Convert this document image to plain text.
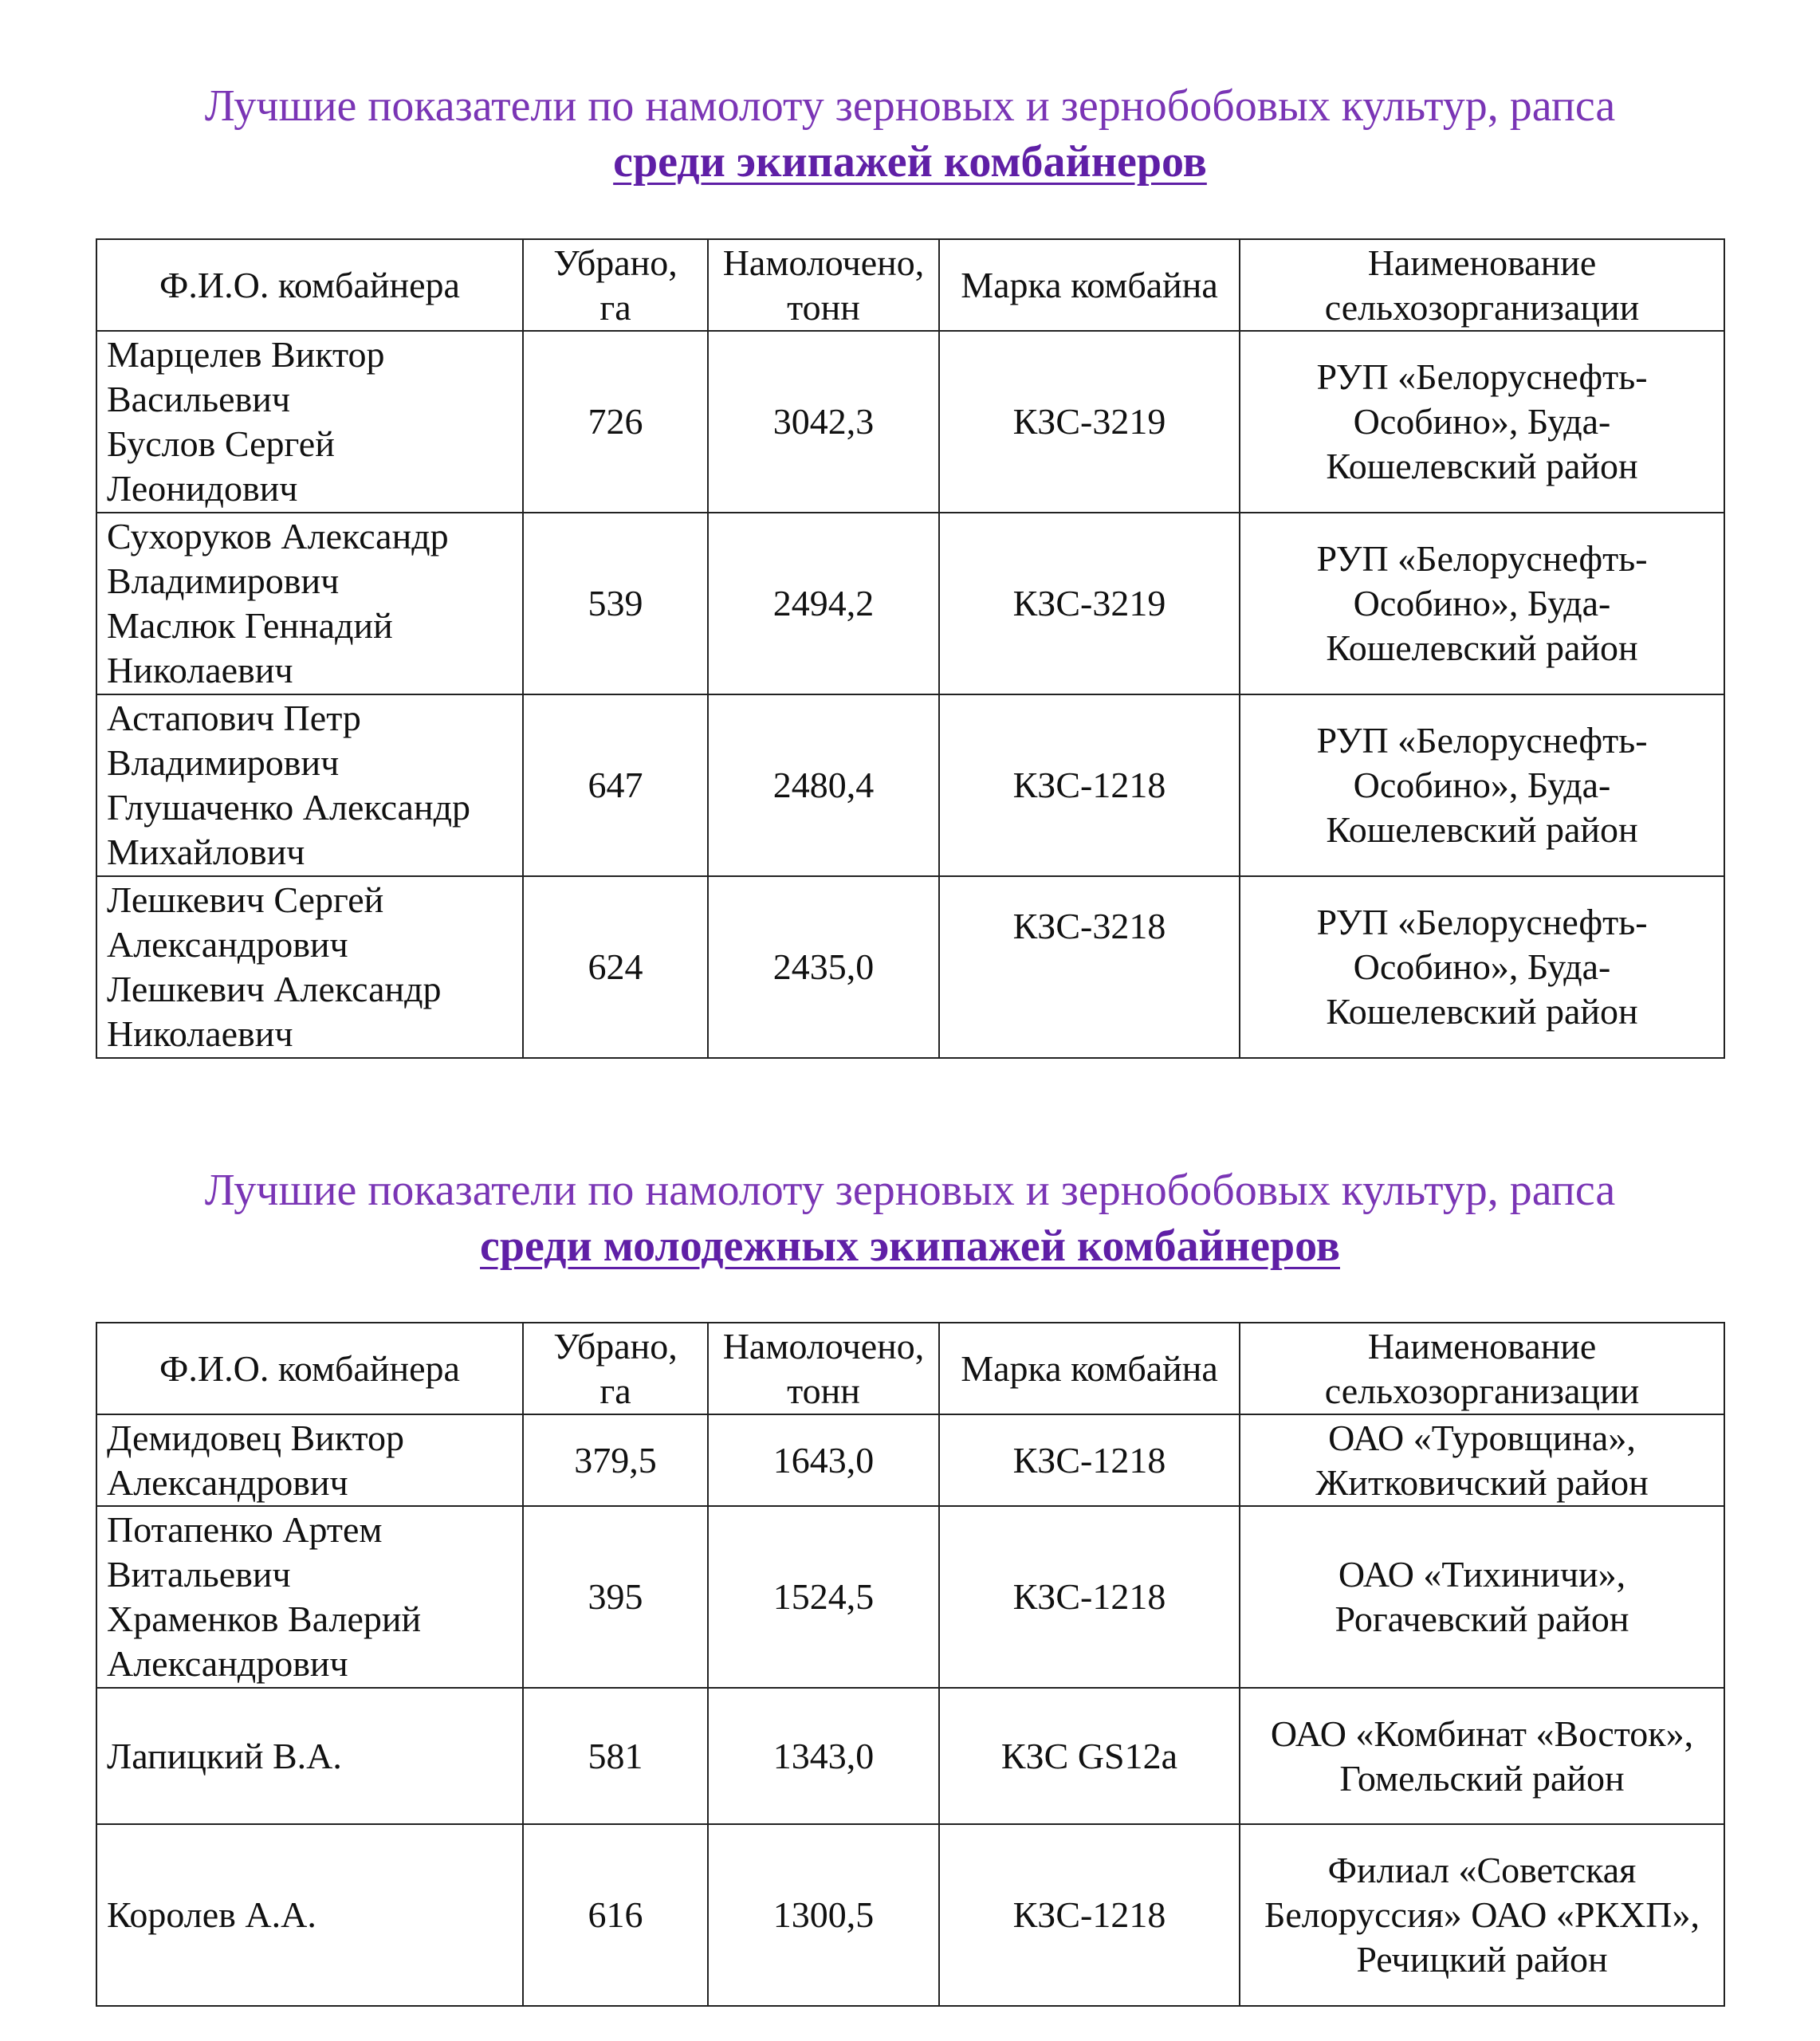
Лучшие показатели по намолоту зерновых и зернобобовых культур, рапса
среди экипажей комбайнеров
Ф.И.О. комбайнера	Убрано, га	Намолочено, тонн	Марка комбайна	Наименование сельхозорганизации

Марцелев Виктор
Васильевич
Буслов Сергей
Леонидович	726	3042,3	КЗС-3219	РУП «Белоруснефть-Особино», Буда-Кошелевский район

Сухоруков Александр
Владимирович
Маслюк Геннадий
Николаевич	539	2494,2	КЗС-3219	РУП «Белоруснефть-Особино», Буда-Кошелевский район

Астапович Петр
Владимирович
Глушаченко Александр
Михайлович	647	2480,4	КЗС-1218	РУП «Белоруснефть-Особино», Буда-Кошелевский район

Лешкевич Сергей
Александрович
Лешкевич Александр
Николаевич	624	2435,0	КЗС-3218	РУП «Белоруснефть-Особино», Буда-Кошелевский район
Лучшие показатели по намолоту зерновых и зернобобовых культур, рапса
среди молодежных экипажей комбайнеров
Ф.И.О. комбайнера	Убрано, га	Намолочено, тонн	Марка комбайна	Наименование сельхозорганизации

Демидовец Виктор
Александрович	379,5	1643,0	КЗС-1218	ОАО «Туровщина», Житковичский район

Потапенко Артем
Витальевич
Храменков Валерий
Александрович	395	1524,5	КЗС-1218	ОАО «Тихиничи», Рогачевский район

Лапицкий В.А.	581	1343,0	КЗС GS12a	ОАО «Комбинат «Восток», Гомельский район

Королев А.А.	616	1300,5	КЗС-1218	Филиал «Советская Белоруссия» ОАО «РКХП», Речицкий район
